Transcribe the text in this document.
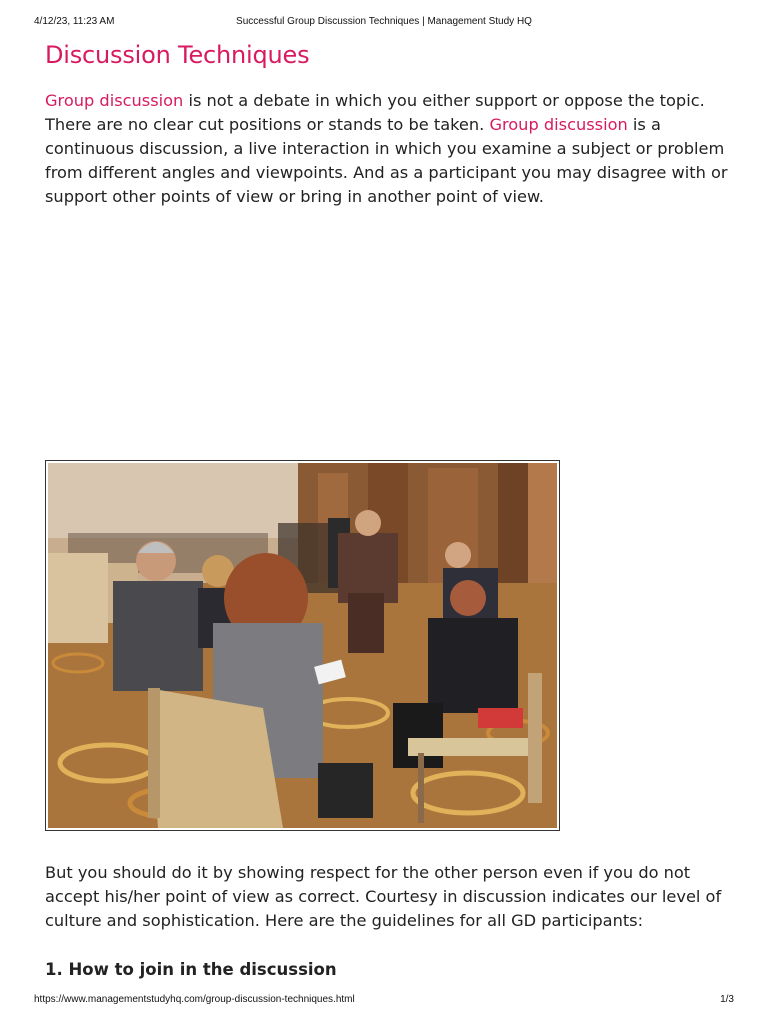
4/12/23, 11:23 AM	Successful Group Discussion Techniques | Management Study HQ
Discussion Techniques

Group discussion is not a debate in which you either support or oppose the topic. There are no clear cut positions or stands to be taken. Group discussion is a continuous discussion, a live interaction in which you examine a subject or problem from different angles and viewpoints. And as a participant you may disagree with or support other points of view or bring in another point of view.

But you should do it by showing respect for the other person even if you do not accept his/her point of view as correct. Courtesy in discussion indicates our level of culture and sophistication. Here are the guidelines for all GD participants:

1. How to join in the discussion
https://www.managementstudyhq.com/group-discussion-techniques.html	1/3
